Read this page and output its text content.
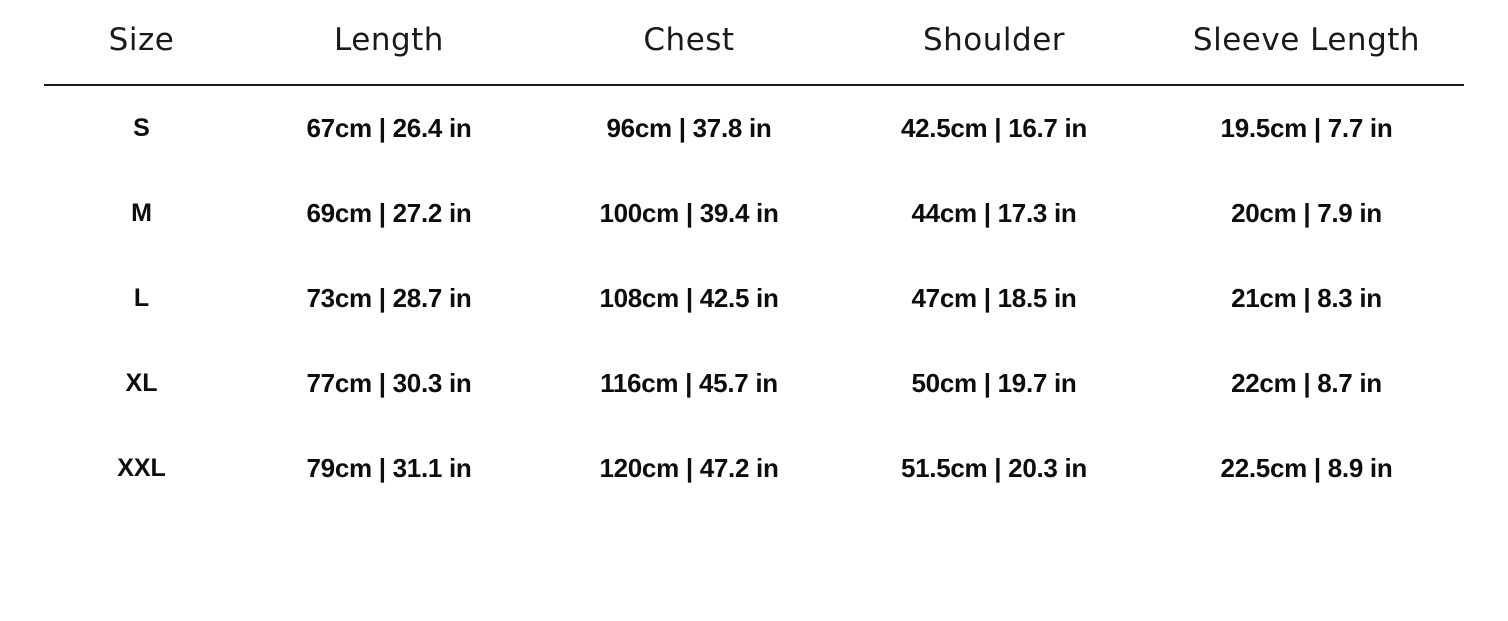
Size	Length	Chest	Shoulder	Sleeve Length
S	67cm | 26.4 in	96cm | 37.8 in	42.5cm | 16.7 in	19.5cm | 7.7 in
M	69cm | 27.2 in	100cm | 39.4 in	44cm | 17.3 in	20cm | 7.9 in
L	73cm | 28.7 in	108cm | 42.5 in	47cm | 18.5 in	21cm | 8.3 in
XL	77cm | 30.3 in	116cm | 45.7 in	50cm | 19.7 in	22cm | 8.7 in
XXL	79cm | 31.1 in	120cm | 47.2 in	51.5cm | 20.3 in	22.5cm | 8.9 in
